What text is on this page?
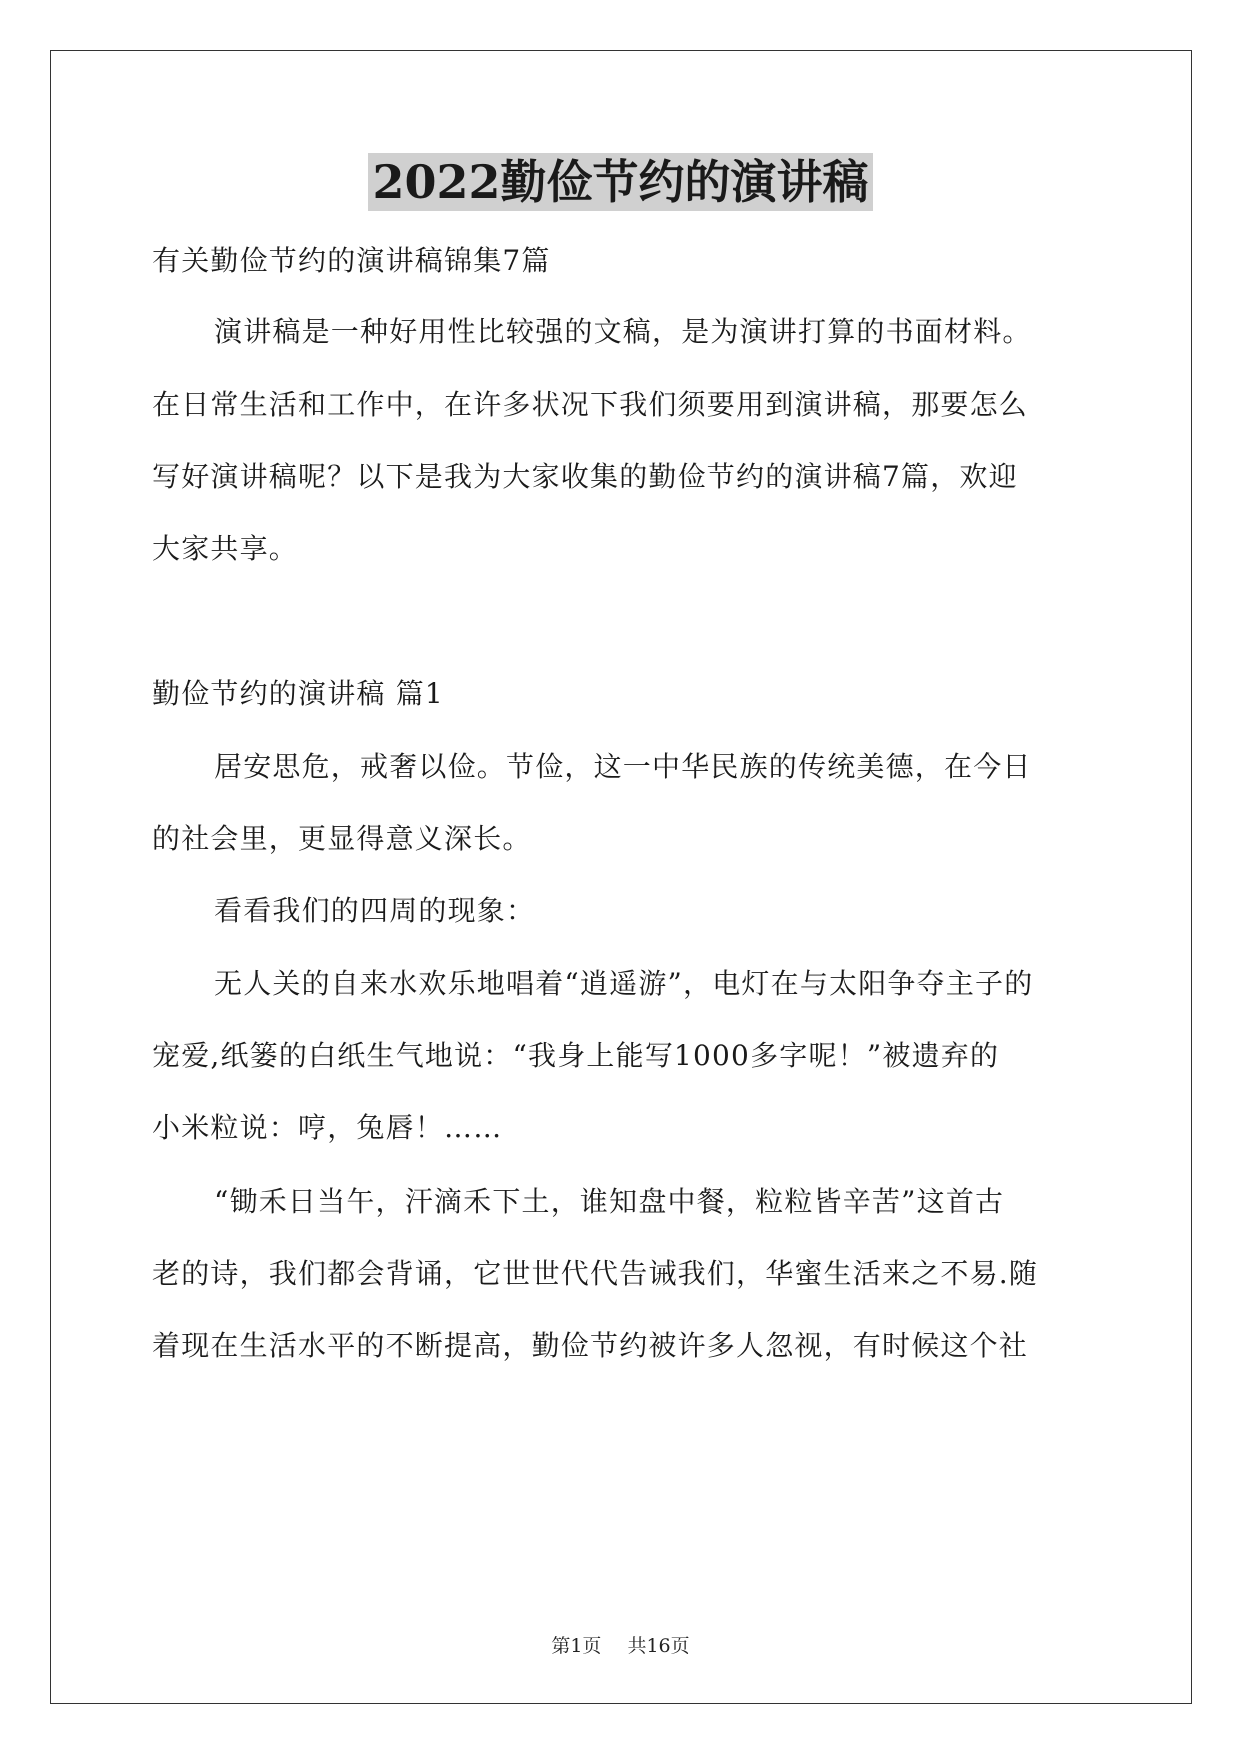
2022勤俭节约的演讲稿
有关勤俭节约的演讲稿锦集7篇
演讲稿是一种好用性比较强的文稿，是为演讲打算的书面材料。
在日常生活和工作中，在许多状况下我们须要用到演讲稿，那要怎么
写好演讲稿呢？以下是我为大家收集的勤俭节约的演讲稿7篇，欢迎
大家共享。
勤俭节约的演讲稿 篇1
居安思危，戒奢以俭。节俭，这一中华民族的传统美德，在今日
的社会里，更显得意义深长。
看看我们的四周的现象：
无人关的自来水欢乐地唱着“逍遥游”，电灯在与太阳争夺主子的
宠爱,纸篓的白纸生气地说：“我身上能写1000多字呢！”被遗弃的
小米粒说：哼，兔唇！……
“锄禾日当午，汗滴禾下土，谁知盘中餐，粒粒皆辛苦”这首古
老的诗，我们都会背诵，它世世代代告诫我们，华蜜生活来之不易.随
着现在生活水平的不断提高，勤俭节约被许多人忽视，有时候这个社
第1页 共16页
